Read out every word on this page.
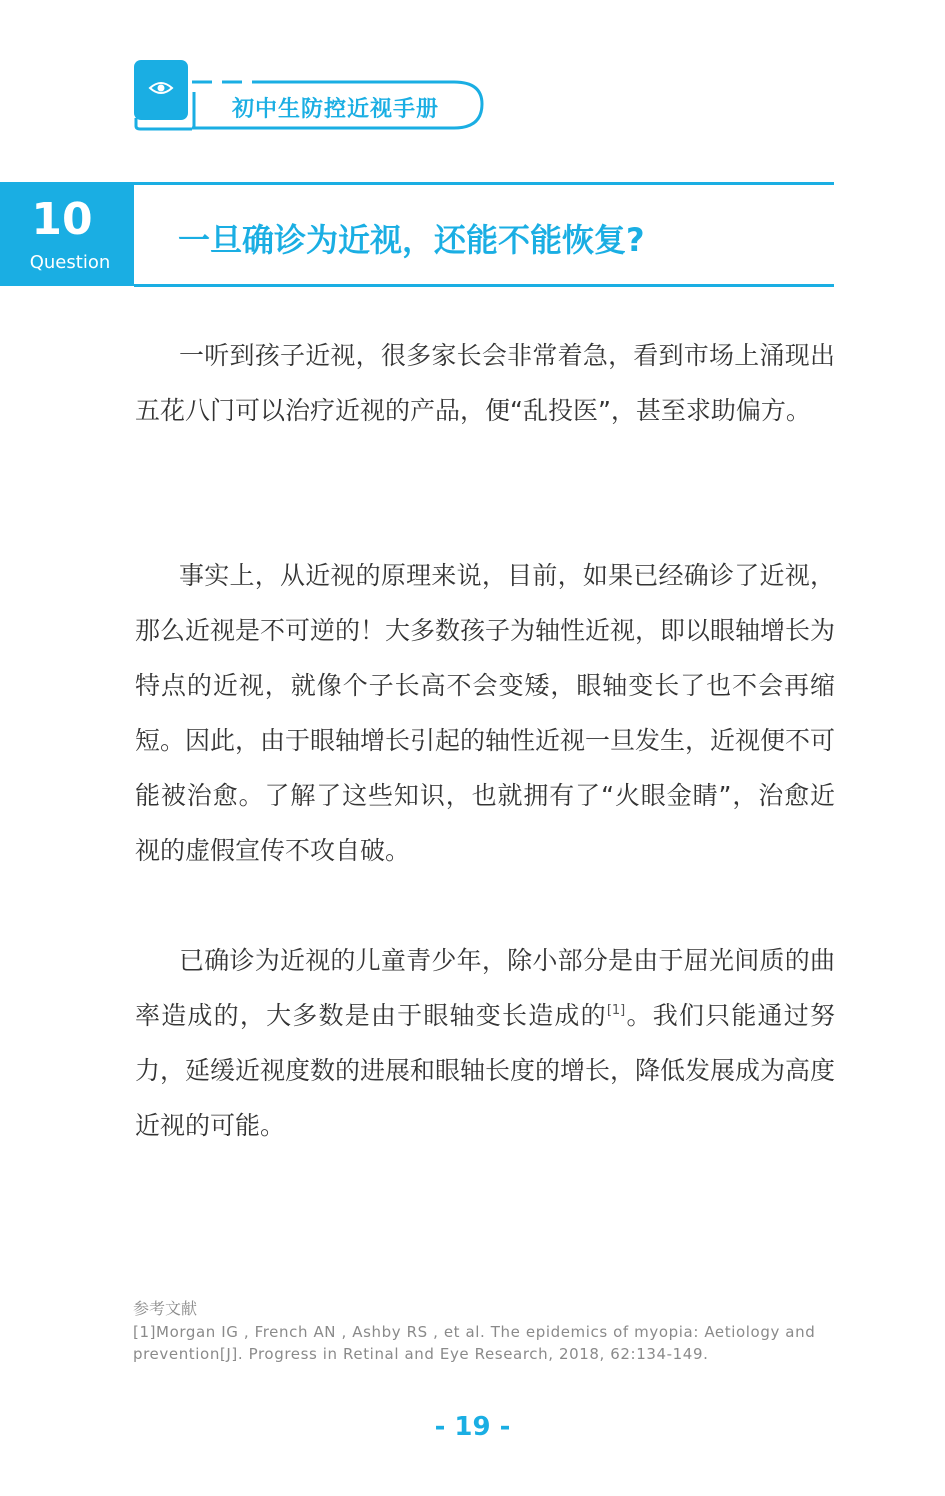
初中生防控近视手册
10
Question
一旦确诊为近视，还能不能恢复?

一听到孩子近视，很多家长会非常着急，看到市场上涌现出五花八门可以治疗近视的产品，便“乱投医”，甚至求助偏方。

事实上，从近视的原理来说，目前，如果已经确诊了近视，那么近视是不可逆的！大多数孩子为轴性近视，即以眼轴增长为特点的近视，就像个子长高不会变矮，眼轴变长了也不会再缩短。因此，由于眼轴增长引起的轴性近视一旦发生，近视便不可能被治愈。了解了这些知识，也就拥有了“火眼金睛”，治愈近视的虚假宣传不攻自破。

已确诊为近视的儿童青少年，除小部分是由于屈光间质的曲率造成的，大多数是由于眼轴变长造成的[1]。我们只能通过努力，延缓近视度数的进展和眼轴长度的增长，降低发展成为高度近视的可能。

参考文献

[1]Morgan IG , French AN , Ashby RS , et al. The epidemics of myopia: Aetiology and prevention[J]. Progress in Retinal and Eye Research, 2018, 62:134-149.

- 19 -
